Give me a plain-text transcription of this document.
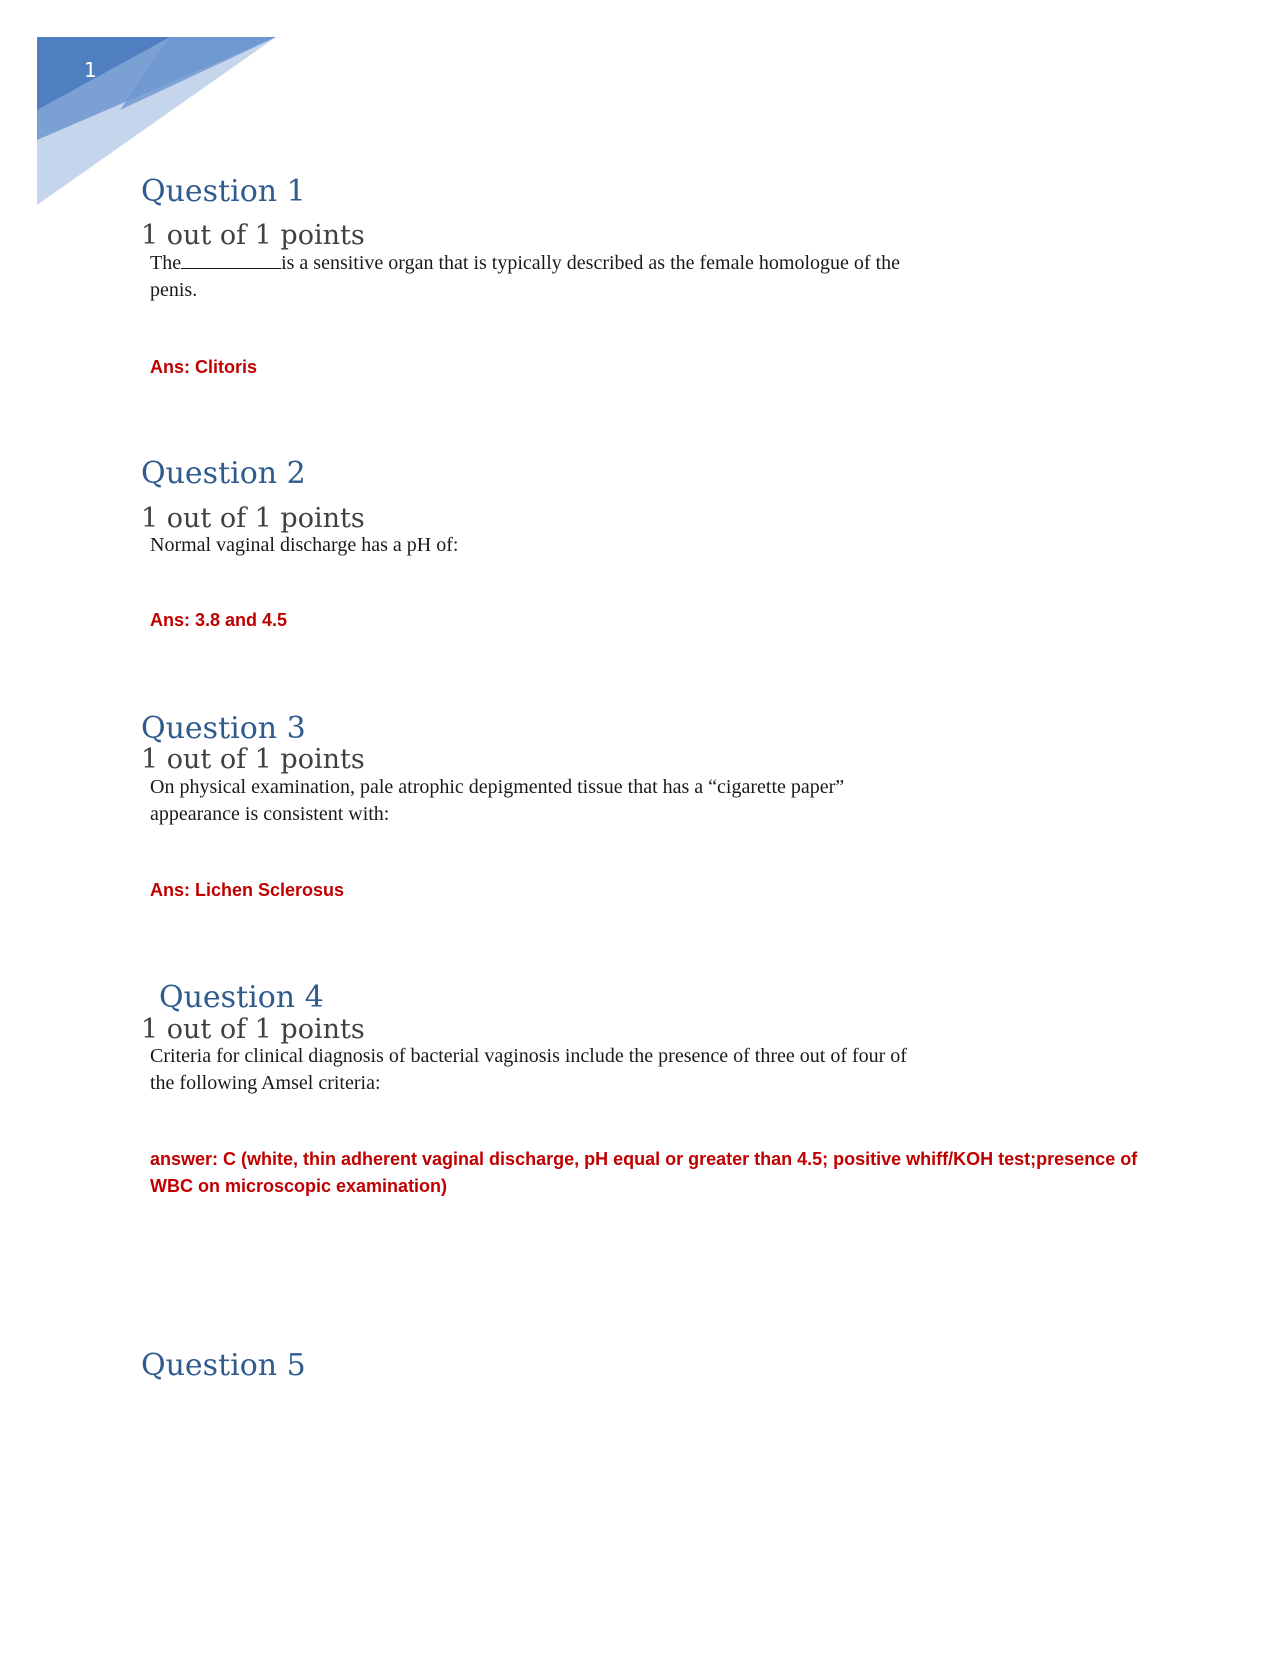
1
Question 1
1 out of 1 points
The	is a sensitive organ that is typically described as the female homologue of the penis.
Ans: Clitoris
Question 2
1 out of 1 points
Normal vaginal discharge has a pH of:
Ans: 3.8 and 4.5
Question 3
1 out of 1 points
On physical examination, pale atrophic depigmented tissue that has a “cigarette paper” appearance is consistent with:
Ans: Lichen Sclerosus
Question 4
1 out of 1 points
Criteria for clinical diagnosis of bacterial vaginosis include the presence of three out of four of the following Amsel criteria:
answer: C (white, thin adherent vaginal discharge, pH equal or greater than 4.5; positive whiff/KOH test;presence of WBC on microscopic examination)
Question 5
